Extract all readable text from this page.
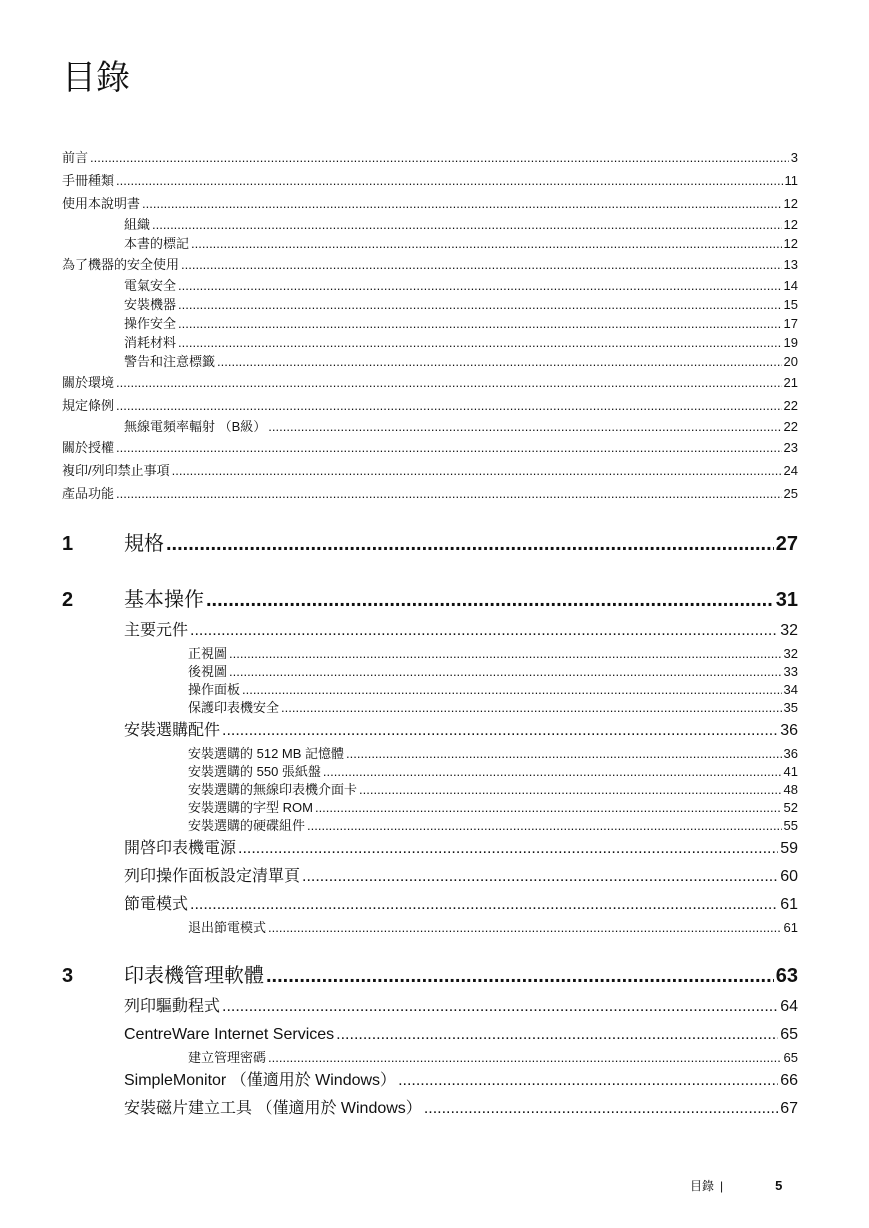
目錄
前言 .....	3
手冊種類 .....	11
使用本說明書 .....	12
組織 .....	12
本書的標記 .....	12
為了機器的安全使用 .....	13
電氣安全 .....	14
安裝機器 .....	15
操作安全 .....	17
消耗材料 .....	19
警告和注意標籤 .....	20
關於環境 .....	21
規定條例 .....	22
無線電頻率輻射 （B級） .....	22
關於授權 .....	23
複印/列印禁止事項 .....	24
產品功能 .....	25
1	規格 .....	27
2	基本操作 .....	31
主要元件 .....	32
正視圖 .....	32
後視圖 .....	33
操作面板 .....	34
保護印表機安全 .....	35
安裝選購配件 .....	36
安裝選購的 512 MB 記憶體 .....	36
安裝選購的 550 張紙盤 .....	41
安裝選購的無線印表機介面卡 .....	48
安裝選購的字型 ROM .....	52
安裝選購的硬碟組件 .....	55
開啓印表機電源 .....	59
列印操作面板設定清單頁 .....	60
節電模式 .....	61
退出節電模式 .....	61
3	印表機管理軟體 .....	63
列印驅動程式 .....	64
CentreWare Internet Services .....	65
建立管理密碼 .....	65
SimpleMonitor （僅適用於 Windows） .....	66
安裝磁片建立工具 （僅適用於 Windows） .....	67
目錄 |	5
